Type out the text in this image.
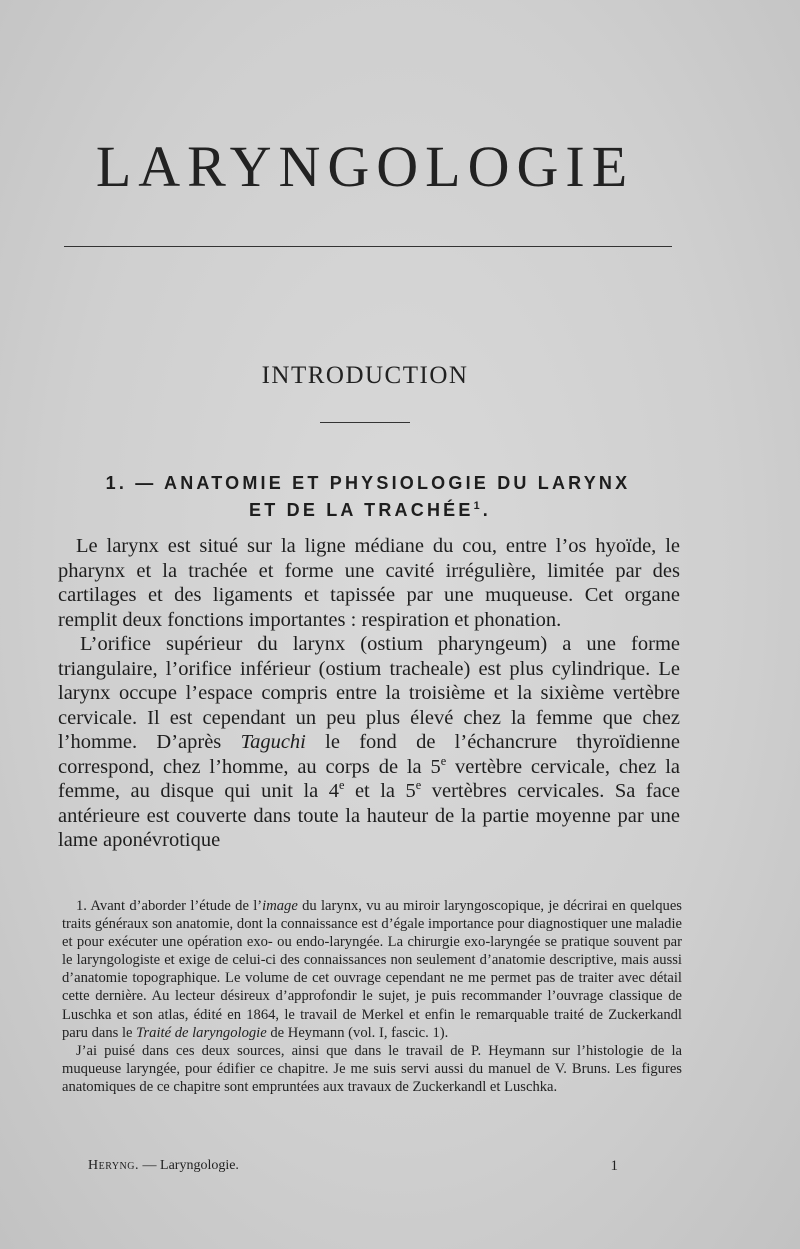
LARYNGOLOGIE
INTRODUCTION
1. — ANATOMIE ET PHYSIOLOGIE DU LARYNX
ET DE LA TRACHÉE$^1$.

Le larynx est situé sur la ligne médiane du cou, entre l’os hyoïde, le pharynx et la trachée et forme une cavité irrégulière, limitée par des cartilages et des ligaments et tapissée par une muqueuse. Cet organe remplit deux fonctions importantes : respiration et phonation.

L’orifice supérieur du larynx (ostium pharyngeum) a une forme triangulaire, l’orifice inférieur (ostium tracheale) est plus cylindrique. Le larynx occupe l’espace compris entre la troisième et la sixième vertèbre cervicale. Il est cependant un peu plus élevé chez la femme que chez l’homme. D’après Taguchi le fond de l’échancrure thyroïdienne correspond, chez l’homme, au corps de la 5e vertèbre cervicale, chez la femme, au disque qui unit la 4e et la 5e vertèbres cervicales. Sa face antérieure est couverte dans toute la hauteur de la partie moyenne par une lame aponévrotique

1. Avant d’aborder l’étude de l’image du larynx, vu au miroir laryngoscopique, je décrirai en quelques traits généraux son anatomie, dont la connaissance est d’égale importance pour diagnostiquer une maladie et pour exécuter une opération exo- ou endo-laryngée. La chirurgie exo-laryngée se pratique souvent par le laryngologiste et exige de celui-ci des connaissances non seulement d’anatomie descriptive, mais aussi d’anatomie topographique. Le volume de cet ouvrage cependant ne me permet pas de traiter avec détail cette dernière. Au lecteur désireux d’approfondir le sujet, je puis recommander l’ouvrage classique de Luschka et son atlas, édité en 1864, le travail de Merkel et enfin le remarquable traité de Zuckerkandl paru dans le Traité de laryngologie de Heymann (vol. I, fascic. 1).

J’ai puisé dans ces deux sources, ainsi que dans le travail de P. Heymann sur l’histologie de la muqueuse laryngée, pour édifier ce chapitre. Je me suis servi aussi du manuel de V. Bruns. Les figures anatomiques de ce chapitre sont empruntées aux travaux de Zuckerkandl et Luschka.

Heryng. — Laryngologie.	1
